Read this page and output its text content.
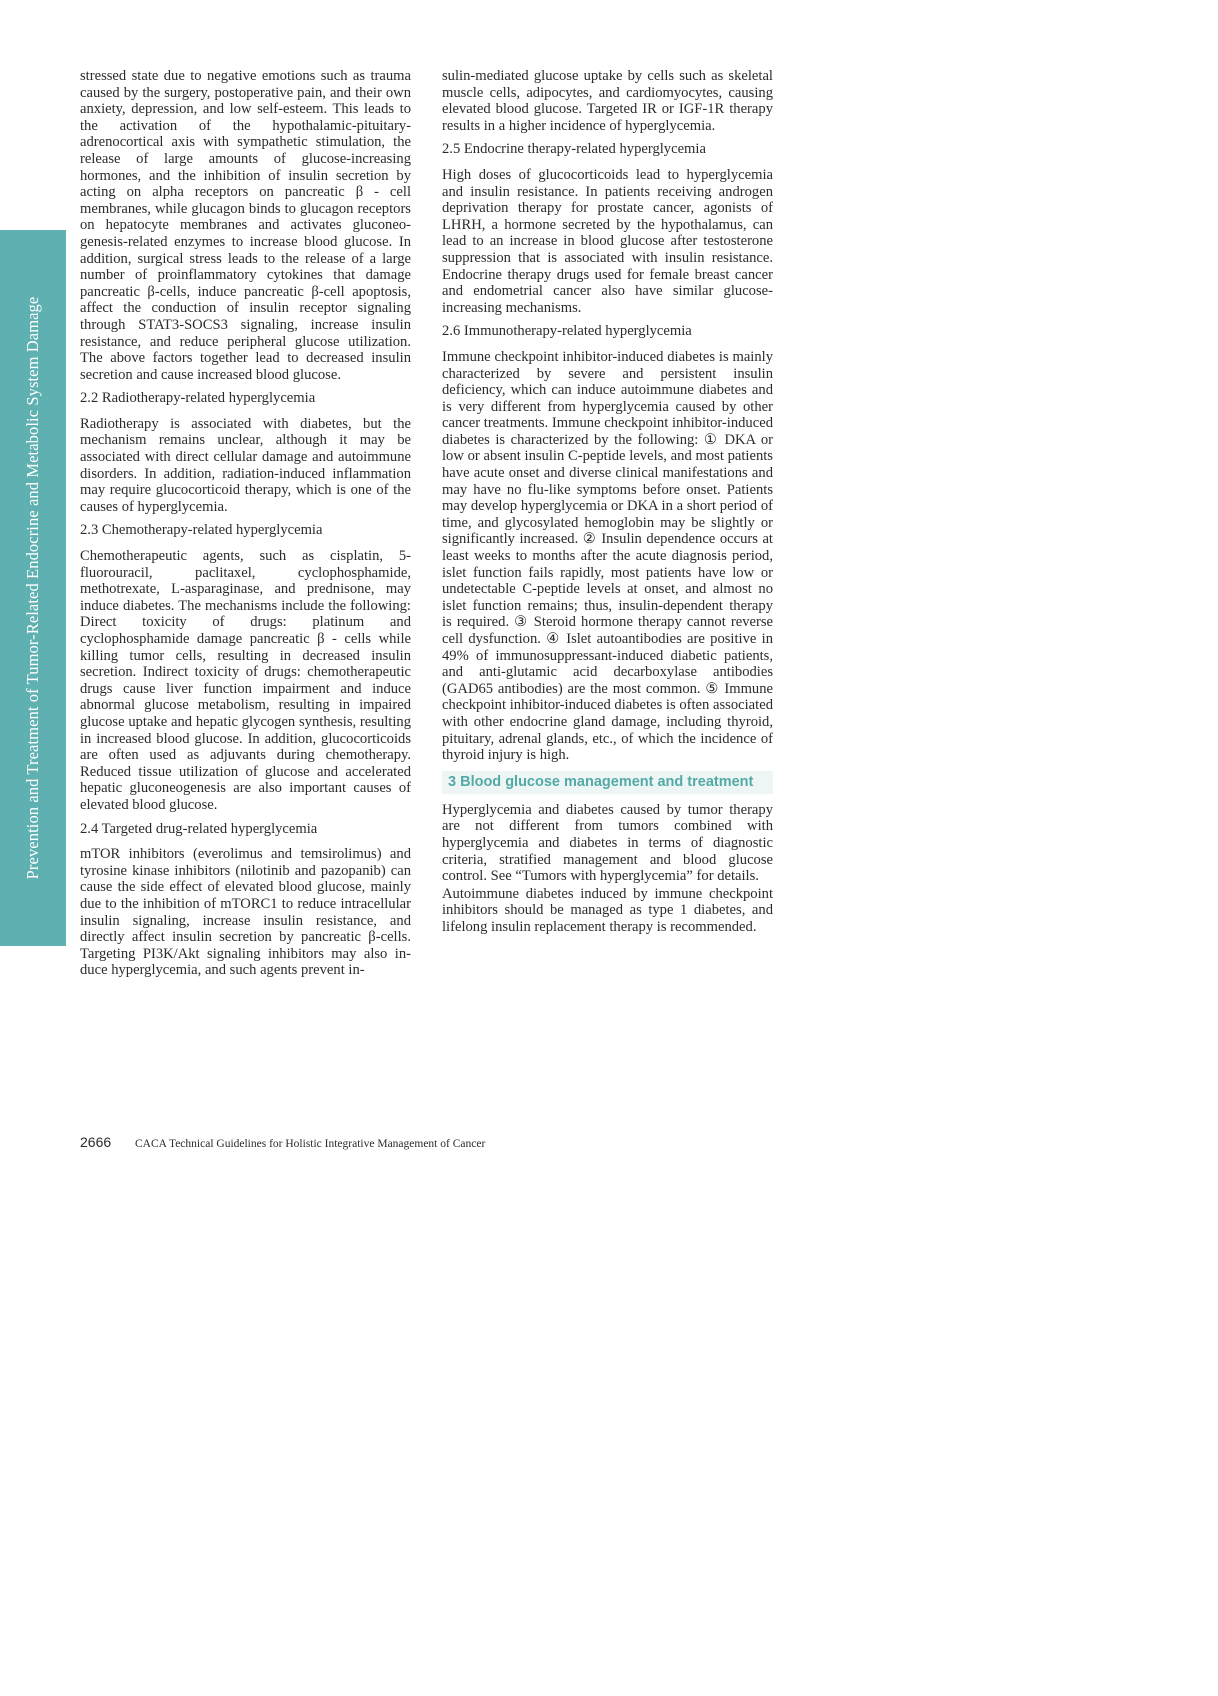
Prevention and Treatment of Tumor-Related Endocrine and Metabolic System Damage

stressed state due to negative emotions such as trauma caused by the surgery, postoperative pain, and their own anxiety, depression, and low self-esteem. This leads to the activation of the hypothalamic-pituitary-adrenocortical axis with sympathetic stimulation, the release of large amounts of glucose-increasing hormones, and the inhibition of insulin secretion by acting on alpha receptors on pancreatic β - cell membranes, while glucagon binds to glucagon receptors on hepatocyte membranes and activates gluconeogenesis-related enzymes to increase blood glucose. In addition, surgical stress leads to the release of a large number of proinflammatory cytokines that damage pancreatic β-cells, induce pancreatic β-cell apoptosis, affect the conduction of insulin receptor signaling through STAT3-SOCS3 signaling, increase insulin resistance, and reduce peripheral glucose utilization. The above factors together lead to decreased insulin secretion and cause increased blood glucose.

2.2 Radiotherapy-related hyperglycemia

Radiotherapy is associated with diabetes, but the mechanism remains unclear, although it may be associated with direct cellular damage and autoimmune disorders. In addition, radiation-induced inflammation may require glucocorticoid therapy, which is one of the causes of hyperglycemia.

2.3 Chemotherapy-related hyperglycemia

Chemotherapeutic agents, such as cisplatin, 5-fluorouracil, paclitaxel, cyclophosphamide, methotrexate, L-asparaginase, and prednisone, may induce diabetes. The mechanisms include the following: Direct toxicity of drugs: platinum and cyclophosphamide damage pancreatic β - cells while killing tumor cells, resulting in decreased insulin secretion. Indirect toxicity of drugs: chemotherapeutic drugs cause liver function impairment and induce abnormal glucose metabolism, resulting in impaired glucose uptake and hepatic glycogen synthesis, resulting in increased blood glucose. In addition, glucocorticoids are often used as adjuvants during chemotherapy. Reduced tissue utilization of glucose and accelerated hepatic gluconeogenesis are also important causes of elevated blood glucose.

2.4 Targeted drug-related hyperglycemia

mTOR inhibitors (everolimus and temsirolimus) and tyrosine kinase inhibitors (nilotinib and pazopanib) can cause the side effect of elevated blood glucose, mainly due to the inhibition of mTORC1 to reduce intracellular insulin signaling, increase insulin resistance, and directly affect insulin secretion by pancreatic β-cells. Targeting PI3K/Akt signaling inhibitors may also induce hyperglycemia, and such agents prevent in-

sulin-mediated glucose uptake by cells such as skeletal muscle cells, adipocytes, and cardiomyocytes, causing elevated blood glucose. Targeted IR or IGF-1R therapy results in a higher incidence of hyperglycemia.

2.5 Endocrine therapy-related hyperglycemia

High doses of glucocorticoids lead to hyperglycemia and insulin resistance. In patients receiving androgen deprivation therapy for prostate cancer, agonists of LHRH, a hormone secreted by the hypothalamus, can lead to an increase in blood glucose after testosterone suppression that is associated with insulin resistance. Endocrine therapy drugs used for female breast cancer and endometrial cancer also have similar glucose-increasing mechanisms.

2.6 Immunotherapy-related hyperglycemia

Immune checkpoint inhibitor-induced diabetes is mainly characterized by severe and persistent insulin deficiency, which can induce autoimmune diabetes and is very different from hyperglycemia caused by other cancer treatments. Immune checkpoint inhibitor-induced diabetes is characterized by the following: ① DKA or low or absent insulin C-peptide levels, and most patients have acute onset and diverse clinical manifestations and may have no flu-like symptoms before onset. Patients may develop hyperglycemia or DKA in a short period of time, and glycosylated hemoglobin may be slightly or significantly increased. ② Insulin dependence occurs at least weeks to months after the acute diagnosis period, islet function fails rapidly, most patients have low or undetectable C-peptide levels at onset, and almost no islet function remains; thus, insulin-dependent therapy is required. ③ Steroid hormone therapy cannot reverse cell dysfunction. ④ Islet autoantibodies are positive in 49% of immunosuppressant-induced diabetic patients, and anti-glutamic acid decarboxylase antibodies (GAD65 antibodies) are the most common. ⑤ Immune checkpoint inhibitor-induced diabetes is often associated with other endocrine gland damage, including thyroid, pituitary, adrenal glands, etc., of which the incidence of thyroid injury is high.

3 Blood glucose management and treatment

Hyperglycemia and diabetes caused by tumor therapy are not different from tumors combined with hyperglycemia and diabetes in terms of diagnostic criteria, stratified management and blood glucose control. See “Tumors with hyperglycemia” for details.

Autoimmune diabetes induced by immune checkpoint inhibitors should be managed as type 1 diabetes, and lifelong insulin replacement therapy is recommended.

2666	CACA Technical Guidelines for Holistic Integrative Management of Cancer
